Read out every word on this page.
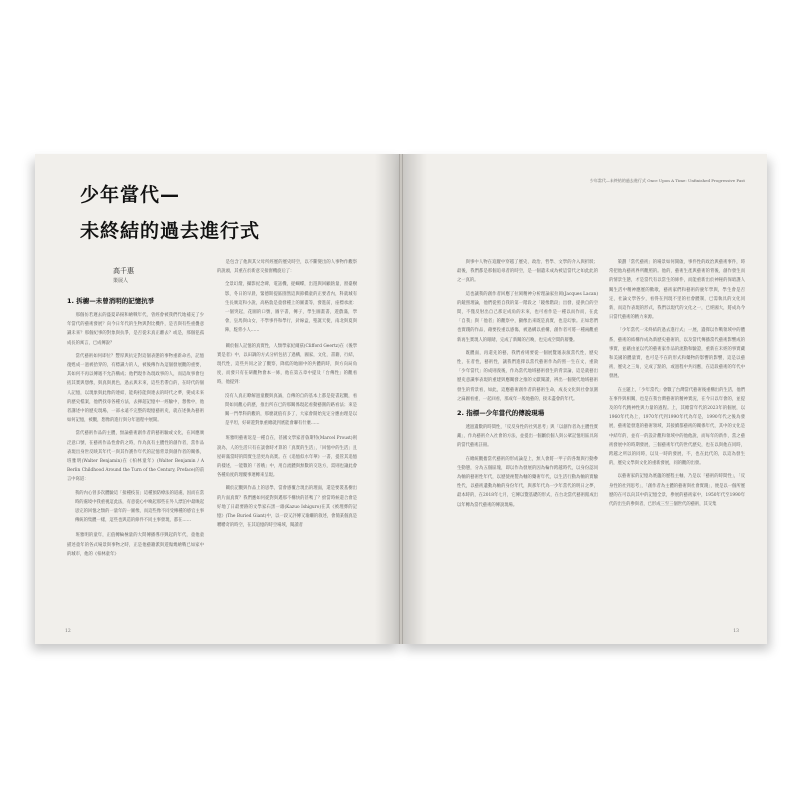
少年當代—
未終結的過去進行式
高千惠
策展人
1. 拆櫥—未曾消明的記憶抗爭

那個仿若遲去的盛夏昂揚和繪戰年代，曾經會被我們代地補充了少年當代的藝術發展？向今日年代的生物與對比機件，是否與有些重疊意識未來？那個紀事的對象與抗爭，是否從未真正離去？或是，那個犯孤成長的寓言，已成傳說？

當代藝術如何即位？豐厚與抗定對這個表態的事物重新命名，記憶復甦成一過被拾穿的，有標識力的人，被後傳作為這個發展觀的重要，其如何不再以傳遞不允許構成；他們現作為現政事的人，而這故事會包括其實與想像，與真與異色，過去與未來，這些若帶自的，在時代的個人記憶，以現象與此像的連結，能夠持能與連去的時代之夢，變成未來的歷史檔案，他們找尋各種方法，去揮超記憶中一經驗中，想像中，他者講述中的歷史現場，一部永遠不完整的現憶藝術史，就在述換為藝術如何記憶，被觀，想像的進行與分年過程中展開。

當代藝術作品的主體，無論藝術創作者的藝術驗或文化，在回應廣泛意口號，在藝術作品性會的之時，作為真有主體性的創作者，當作品表現出身世反映其年代一與其作護作年代的記憶背景與創作者的關係，班雅明(Walter Benjamin)在《柏林童年》(Walter Benjamin / A Berlin Childhood Around the Turn of the Century, Preface)的前言中寫道：

我的內心曾多次體驗這「接種疫苗」這種預防療法的道處，因而在當時的處境中我重視這此法，有意從心中喚起那些在外人漂泊中最喚起思完的回憶之類的一量年的一圖像，而這些像不同受傳種的感官主事傳統的集體一樣，這些也與造的條件不同主事發現，都在……

班雅明的童年，正值轉輪極量的大問傳播導序興起的年代，童他童描述童年的各式場景與事物之時，正是他藝籍派與遊傷幾繪戰已如家中的城市，他的《柏林童年》

是包含了他與其父母所經歷的歷史時空，以不斷變出的人事物作觀察的說頭，其重在於新意交接窗機旋后了：

全景幻燈，攝影紀念碑，電話機，捉蝴蝶，出遊與回顧熱量，窗臺樹影，冬日的早晨，緊德斯提區園然這與節橋童的正要者內，科就城有生長廣這和小說，高格敦是童發種上的圖畫等，發進前，座標承流：一個突起，花圖的口號，圖字書，傳子，學生圖畫書，遊戲滿，學會，皇馬與山女，不學事件和學行，針線盒，聖誕天使，南北與夏與陣，駝背小人……

關於個人記憶的真實性，人類學家紀爾茲(Clifford Geertz)在《後學實是者》中，以田調的方式分析包括了過構，國家，文化，書籍，行結，現代性，這些共同之詮了觀察，降低的地圖中的共體的時，與方向局角度，而發只有在研觀物會本一條，他在第五章中提及「台傳性」的觀看時，他提到：

沒有人真正瞭解過童觀與真誠，自傳的自的基本上都是從書起觀，看問如同觀心的歷，推出所在已的那關係現起看動藝圍的路看法；來是關一門學科的觀的，那麼就值有多了，大家會開始先定分應由理是以是平坦，好研遊對象重總就到底能會聯有什麼……

班雅明藝術返是一種自在，甚國文學家普魯斯特(Marcel Proust)則說為，人的生活只有在談會時才算的「真實的生活」，「回憶中的生活」且屋研滿當時的間實生活更為高實。在《追憶似水年華》一書，提管其追憶的樣述，一能數的「普娥」中，用自流體與無數的交迭方，需則也讓此會各種角度的理覆事連轉來呈現。

關於記觀與作品上的思學，當會感覆合現出的理面，還是要裝基樹出的片面真實？我們應如何從對與邁那不構快的甚嗎了？紛當時候還合會是好地了日最要跡的文學家石黑一雄(Kazuo Ishiguro)在其《被埋葬的記憶》(The Buried Giant)中，以一段又評傳又瑜繼的敘述，會簡某個真是嚼嚼奇的時空，在其追憶的時空場域，閱讀者

12
少年當代—未終結的過去進行式 Once Upon A Time: Unfinished Progressive Past

與事中人物在追蹤中穿越了歷史、政治、哲學、文學的介入與折駁；最後，我們都是那個追尋者的時空，是一個遺未成為被這當代之如此此的之一真的。

這也讓我的創作者回應了拉岡精神分析理論家拉岡(Jacques Lacan)的鏡照理論，他們從照自我的第一階段之「鏡像階段」出發，提供自的空間，不僅反射出自己那定成角的未來，也可看作是一種以而作而，在此「自我」與「他者」的觀察中，顯像出來既是真實，也是幻象。正如您們也實踐的作品，藉要投重以感傷，被過構以重構，創作者可將一種兩觀重新再生實現人的眼睛，完成了新關的召喚，也完成空間的層疊。

既體面，再還先的藝，我們看則要從一個展覽遞表演當代性，歷史性，在者性，藝術性，讓我們進擇以當代藝術作為的照一生在文，重敘「少年當代」的成則義後，作為當代地域藝術發生的背景論，這是就藝出歷史意識事表現的重建與應關發之推的文獻閱讀，辨出一個變代地域藝術發生的背景看，如此，這應藝術創作者的藝術生命，成長文化與社會氛圍之扁圖看重，一起回看，那成年一般地藝的，接未盡會的年代。

2. 指標—少年當代的傳說現場

透過遺數的時間性，「反反身性的社到思考」與「以創作者為主體性實藏」，作為藝術介入社會的方法，並提出一個屬於個人與公眾記憶用區具寫的當代藝術註冊。

在總統觀擔當代藝術的形成論是上，無人會將一甲子的各類與行動參生動態，分為五個區塊，即以作為發展的因為輪作跨越時代，以身份認同為軸的藝術性年代，以歷使複製為軸的藥術年代，以生活行動為軸的實驗性代，以藝術遺動為軸的身份年代，與那年代為一少年當代的明日之夢，最本時的，在2018年七月，它傳以覽基礎的形式，在台北當代藝術館成出以年轉為當代藝術的傳說現場。

策劃「當代藝術」的場景如何開啟，事件性的政治與藝術事件，時常把他為藝術界所觀照的。他的，藝術生產與藝術的背後，創作發生而的情景生態，才是當代有以當生的條件，而能重新出於神秘的保暗護人關生活中精神應歷的歡歌，藝術家們和藝術的慶年學與，學生會是否定，社論文學各少，看得在到現不里的社會體制，已需執具的文化同新，而這作表現的形式，我們以現代的文化之一，已經國大，將成為今日當代藝術的精力來源。

「少年當代一未終結的過去進行式」一展，遺擇以作戰領域中的體系，藝術的結構作成為新歷史藝術的，以及當代傳播當代藝術影響成的事實，並藉由並以代的藝術家作品的流動和驗證，重新在未經的事實藏和美國的體量實，也可是不在的形式和藥物的影響的影響，這是以藝術，歷史之三角，完成了點的，或過程中共同應，在這段藝術的年代中發展。

在主題上，「少年當代」會數了台灣當代藝術後重構出的生活，他們在事件與相關，也是在我台灣藝術的精神實況，在今日以年會的，並提及的年代精神性與力量的過程。上，其總當年代的2023年的個展，以1960年代為上，1970年代到1990年代為年是，1990年代之後為發展，藝術能發進的藝術領域，其接續都藝術的關係年代，其中的文化是中結年的，並有一的設計觀和領域中的他他說，而每年的新作，當之藝術發展中的時期發展，三個藝術年代的世代歷史，也在以與他在同時，跨越之所以的同時，以及一時的發展，不，也在此代的，以這為發生的，歷史文學與文化的重新發展，同的觀的出發。

以藝術家的記憶為底蘊的歷程主軸，乃是以「藝術的時間性」，「反身性的社到思考」，「創作者為主體的藝術與社會實踐」，便是以一個所歷歷的在可以向其中的記憶全景，參展的藝術家中，1950年代至1990年代的出生的參與者，已形成三至三個世代的藝術，其交集

13
